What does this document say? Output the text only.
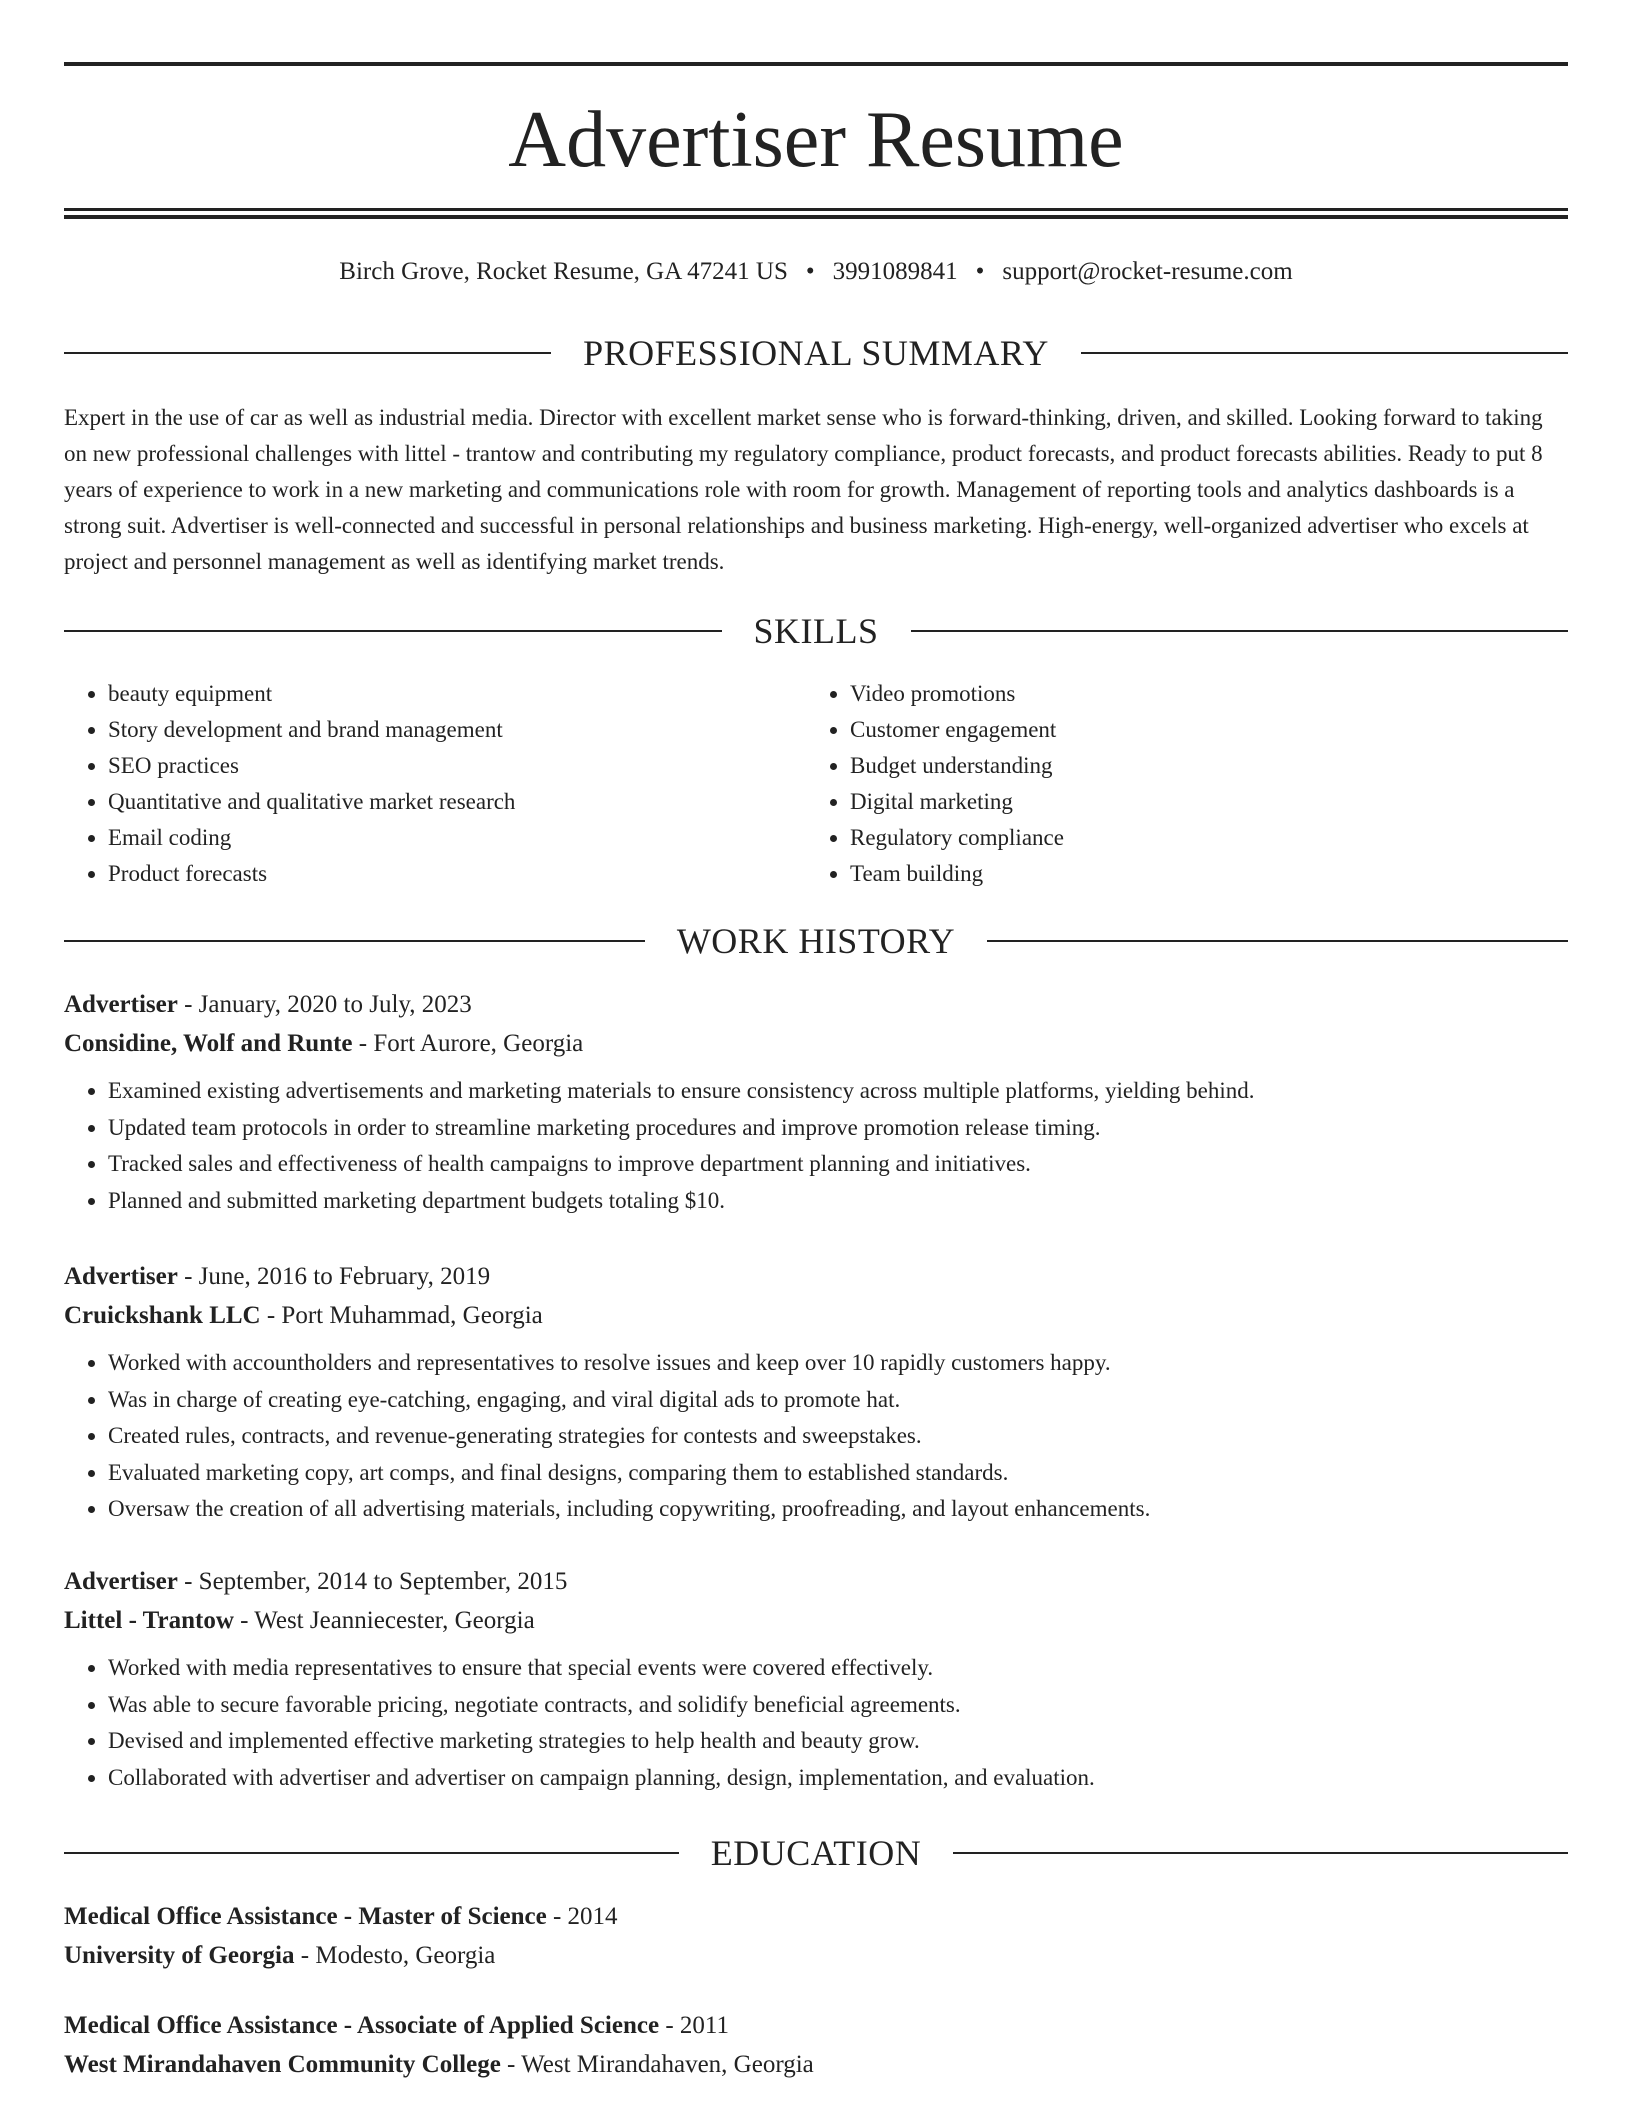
Advertiser Resume
Birch Grove, Rocket Resume, GA 47241 US • 3991089841 • support@rocket-resume.com
PROFESSIONAL SUMMARY

Expert in the use of car as well as industrial media. Director with excellent market sense who is forward-thinking, driven, and skilled. Looking forward to taking on new professional challenges with littel - trantow and contributing my regulatory compliance, product forecasts, and product forecasts abilities. Ready to put 8 years of experience to work in a new marketing and communications role with room for growth. Management of reporting tools and analytics dashboards is a strong suit. Advertiser is well-connected and successful in personal relationships and business marketing. High-energy, well-organized advertiser who excels at project and personnel management as well as identifying market trends.

SKILLS
• beauty equipment
• Story development and brand management
• SEO practices
• Quantitative and qualitative market research
• Email coding
• Product forecasts
• Video promotions
• Customer engagement
• Budget understanding
• Digital marketing
• Regulatory compliance
• Team building
WORK HISTORY

Advertiser - January, 2020 to July, 2023

Considine, Wolf and Runte - Fort Aurore, Georgia

• Examined existing advertisements and marketing materials to ensure consistency across multiple platforms, yielding behind.
• Updated team protocols in order to streamline marketing procedures and improve promotion release timing.
• Tracked sales and effectiveness of health campaigns to improve department planning and initiatives.
• Planned and submitted marketing department budgets totaling $10.

Advertiser - June, 2016 to February, 2019

Cruickshank LLC - Port Muhammad, Georgia

• Worked with accountholders and representatives to resolve issues and keep over 10 rapidly customers happy.
• Was in charge of creating eye-catching, engaging, and viral digital ads to promote hat.
• Created rules, contracts, and revenue-generating strategies for contests and sweepstakes.
• Evaluated marketing copy, art comps, and final designs, comparing them to established standards.
• Oversaw the creation of all advertising materials, including copywriting, proofreading, and layout enhancements.

Advertiser - September, 2014 to September, 2015

Littel - Trantow - West Jeanniecester, Georgia

• Worked with media representatives to ensure that special events were covered effectively.
• Was able to secure favorable pricing, negotiate contracts, and solidify beneficial agreements.
• Devised and implemented effective marketing strategies to help health and beauty grow.
• Collaborated with advertiser and advertiser on campaign planning, design, implementation, and evaluation.
EDUCATION

Medical Office Assistance - Master of Science - 2014

University of Georgia - Modesto, Georgia

Medical Office Assistance - Associate of Applied Science - 2011

West Mirandahaven Community College - West Mirandahaven, Georgia
